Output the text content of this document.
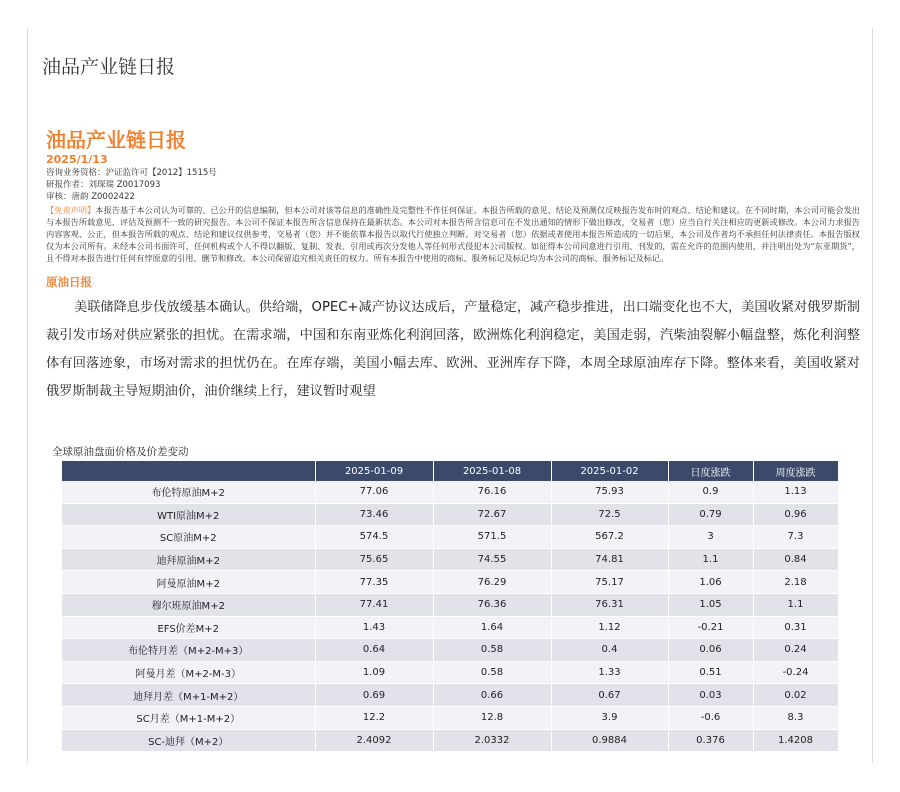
油品产业链日报
油品产业链日报
2025/1/13
咨询业务资格：沪证监许可【2012】1515号
研报作者：刘琛瑞 Z0017093
审核：唐韵 Z0002422
【免责声明】本报告基于本公司认为可靠的、已公开的信息编制，但本公司对该等信息的准确性及完整性不作任何保证。本报告所载的意见、结论及预测仅反映报告发布时的观点、结论和建议。在不同时期，本公司可能会发出与本报告所载意见、评估及预测不一致的研究报告。本公司不保证本报告所含信息保持在最新状态。本公司对本报告所含信息可在不发出通知的情形下做出修改，交易者（您）应当自行关注相应的更新或修改。本公司力求报告内容客观、公正，但本报告所载的观点、结论和建议仅供参考，交易者（您）并不能依靠本报告以取代行使独立判断。对交易者（您）依据或者使用本报告所造成的一切后果，本公司及作者均不承担任何法律责任。本报告版权仅为本公司所有。未经本公司书面许可，任何机构或个人不得以翻版、复制、发表、引用或再次分发他人等任何形式侵犯本公司版权。如征得本公司同意进行引用、刊发的，需在允许的范围内使用，并注明出处为“东亚期货”，且不得对本报告进行任何有悖原意的引用、删节和修改。本公司保留追究相关责任的权力。所有本报告中使用的商标、服务标记及标记均为本公司的商标、服务标记及标记。
原油日报
美联储降息步伐放缓基本确认。供给端，OPEC+减产协议达成后，产量稳定，减产稳步推进，出口端变化也不大，美国收紧对俄罗斯制裁引发市场对供应紧张的担忧。在需求端，中国和东南亚炼化利润回落，欧洲炼化利润稳定，美国走弱，汽柴油裂解小幅盘整，炼化利润整体有回落迹象，市场对需求的担忧仍在。在库存端，美国小幅去库、欧洲、亚洲库存下降，本周全球原油库存下降。整体来看，美国收紧对俄罗斯制裁主导短期油价，油价继续上行，建议暂时观望
全球原油盘面价格及价差变动
	2025-01-09	2025-01-08	2025-01-02	日度涨跌	周度涨跌
布伦特原油M+2	77.06	76.16	75.93	0.9	1.13
WTI原油M+2	73.46	72.67	72.5	0.79	0.96
SC原油M+2	574.5	571.5	567.2	3	7.3
迪拜原油M+2	75.65	74.55	74.81	1.1	0.84
阿曼原油M+2	77.35	76.29	75.17	1.06	2.18
穆尔班原油M+2	77.41	76.36	76.31	1.05	1.1
EFS价差M+2	1.43	1.64	1.12	-0.21	0.31
布伦特月差（M+2-M+3）	0.64	0.58	0.4	0.06	0.24
阿曼月差（M+2-M-3）	1.09	0.58	1.33	0.51	-0.24
迪拜月差（M+1-M+2）	0.69	0.66	0.67	0.03	0.02
SC月差（M+1-M+2）	12.2	12.8	3.9	-0.6	8.3
SC-迪拜（M+2）	2.4092	2.0332	0.9884	0.376	1.4208
